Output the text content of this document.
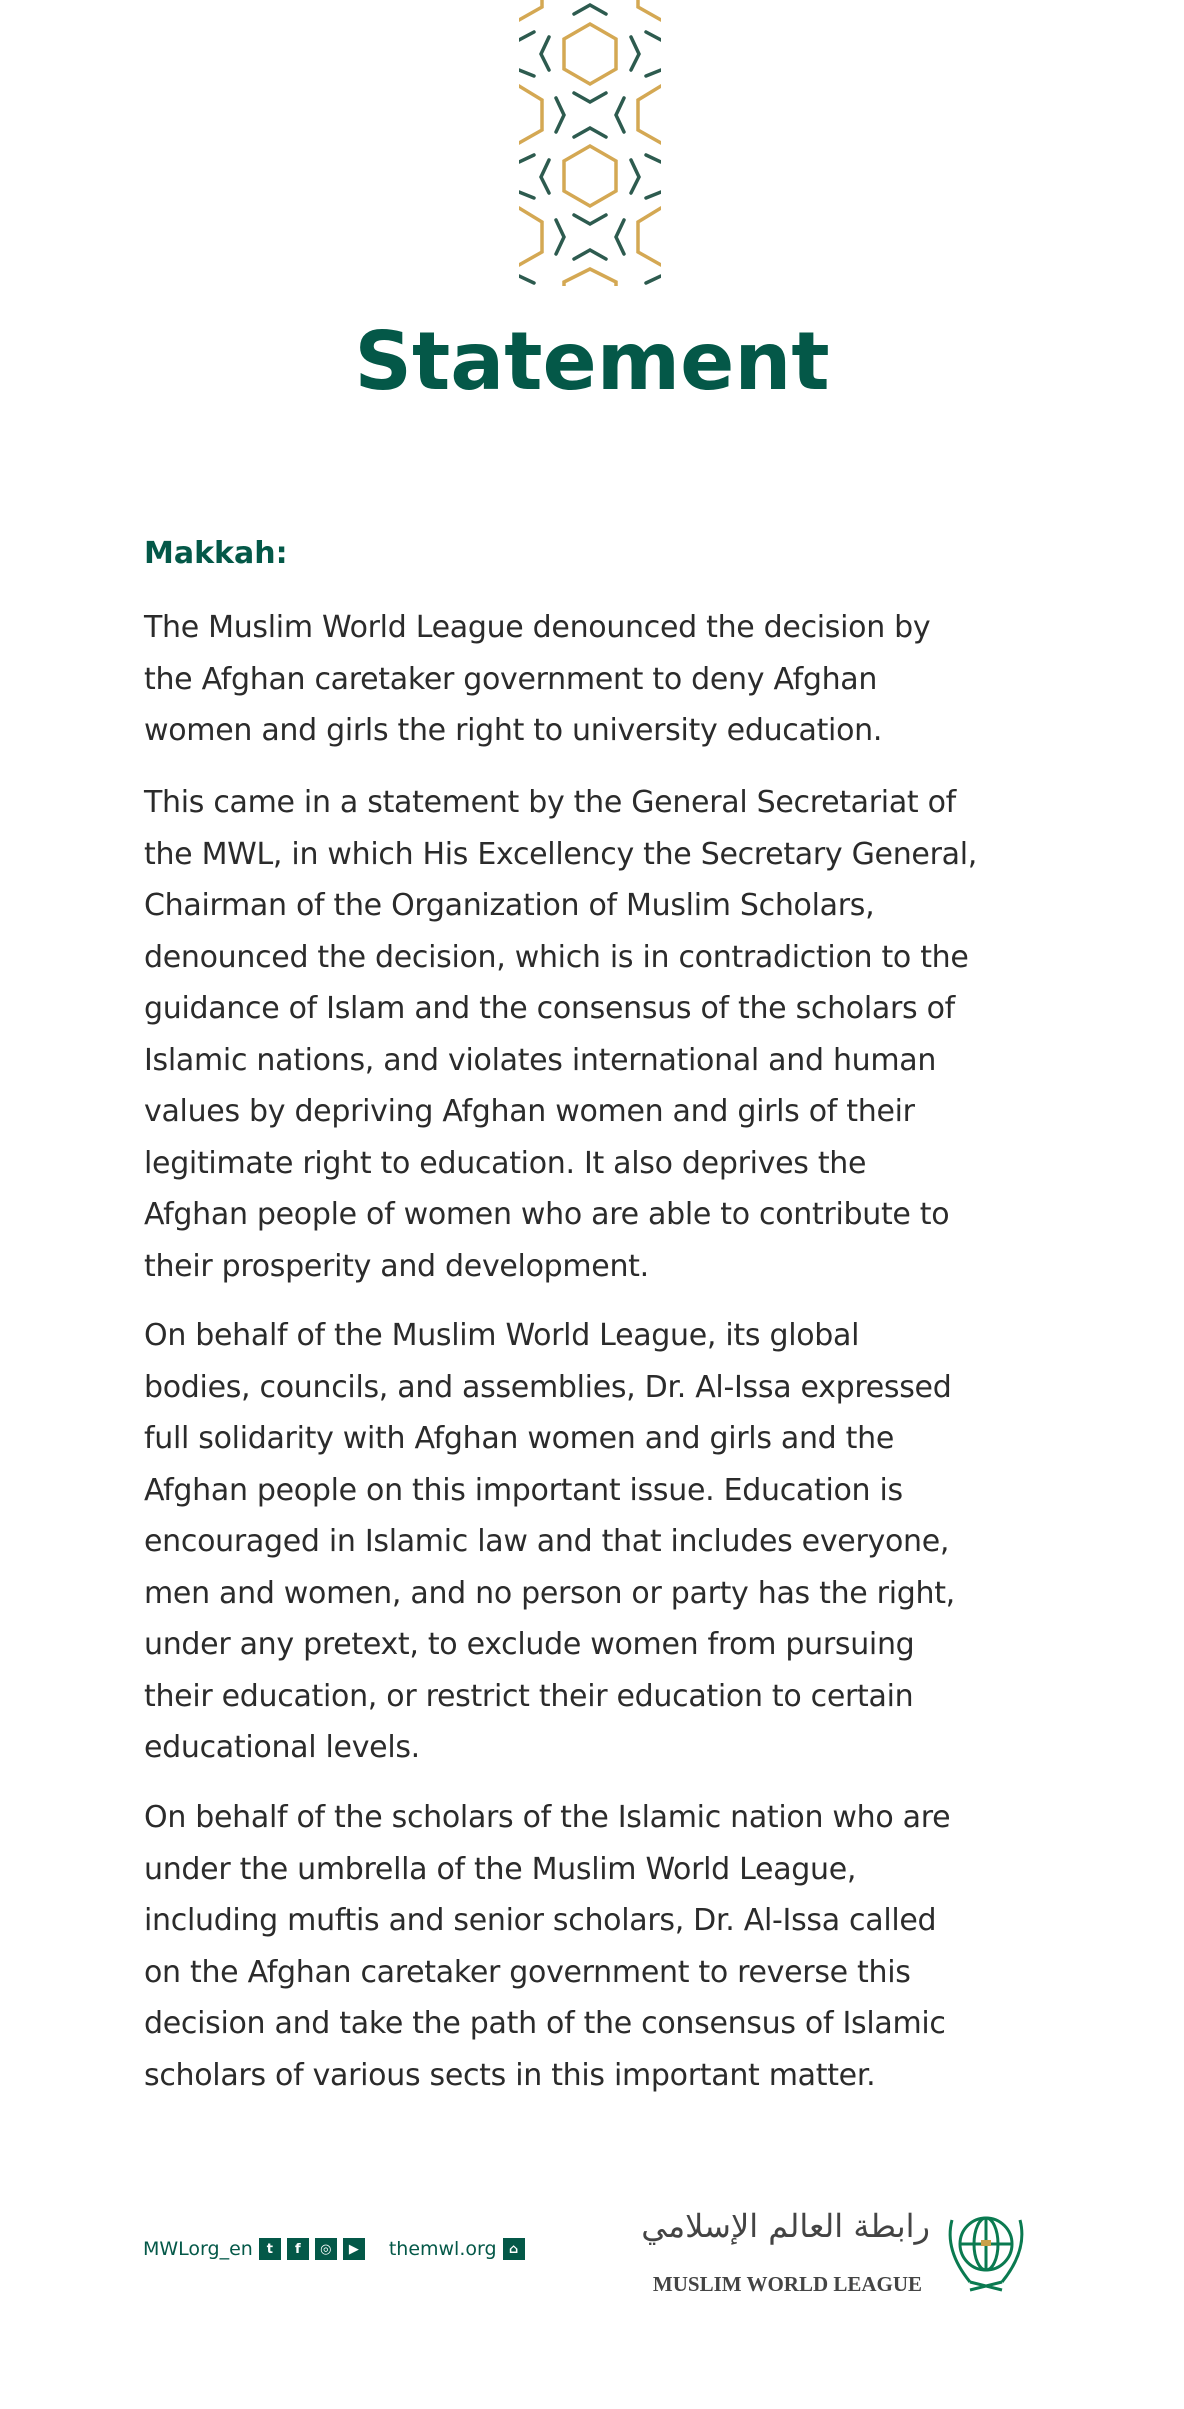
Statement
Makkah:
The Muslim World League denounced the decision by
the Afghan caretaker government to deny Afghan
women and girls the right to university education.
This came in a statement by the General Secretariat of
the MWL, in which His Excellency the Secretary General,
Chairman of the Organization of Muslim Scholars,
denounced the decision, which is in contradiction to the
guidance of Islam and the consensus of the scholars of
Islamic nations, and violates international and human
values by depriving Afghan women and girls of their
legitimate right to education. It also deprives the
Afghan people of women who are able to contribute to
their prosperity and development.
On behalf of the Muslim World League, its global
bodies, councils, and assemblies, Dr. Al-Issa expressed
full solidarity with Afghan women and girls and the
Afghan people on this important issue. Education is
encouraged in Islamic law and that includes everyone,
men and women, and no person or party has the right,
under any pretext, to exclude women from pursuing
their education, or restrict their education to certain
educational levels.
On behalf of the scholars of the Islamic nation who are
under the umbrella of the Muslim World League,
including muftis and senior scholars, Dr. Al-Issa called
on the Afghan caretaker government to reverse this
decision and take the path of the consensus of Islamic
scholars of various sects in this important matter.
MWLorg_en	t	f	◎	▶	themwl.org ⌂
رابطة العالم الإسلامي
MUSLIM WORLD LEAGUE
